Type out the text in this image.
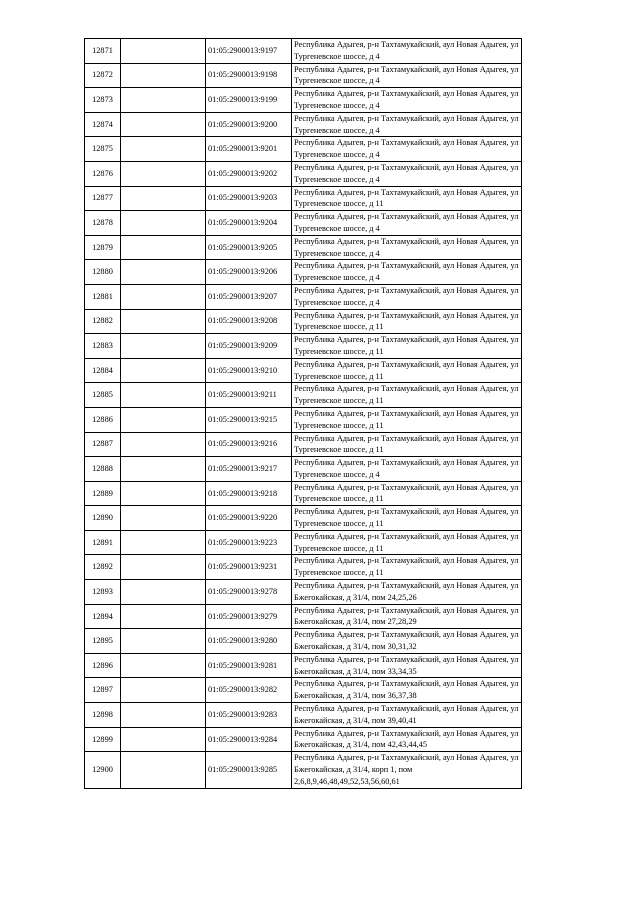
12871		01:05:2900013:9197	Республика Адыгея, р-н Тахтамукайский, аул Новая Адыгея, ул Тургеневское шоссе, д 4
12872		01:05:2900013:9198	Республика Адыгея, р-н Тахтамукайский, аул Новая Адыгея, ул Тургеневское шоссе, д 4
12873		01:05:2900013:9199	Республика Адыгея, р-н Тахтамукайский, аул Новая Адыгея, ул Тургеневское шоссе, д 4
12874		01:05:2900013:9200	Республика Адыгея, р-н Тахтамукайский, аул Новая Адыгея, ул Тургеневское шоссе, д 4
12875		01:05:2900013:9201	Республика Адыгея, р-н Тахтамукайский, аул Новая Адыгея, ул Тургеневское шоссе, д 4
12876		01:05:2900013:9202	Республика Адыгея, р-н Тахтамукайский, аул Новая Адыгея, ул Тургеневское шоссе, д 4
12877		01:05:2900013:9203	Республика Адыгея, р-н Тахтамукайский, аул Новая Адыгея, ул Тургеневское шоссе, д 11
12878		01:05:2900013:9204	Республика Адыгея, р-н Тахтамукайский, аул Новая Адыгея, ул Тургеневское шоссе, д 4
12879		01:05:2900013:9205	Республика Адыгея, р-н Тахтамукайский, аул Новая Адыгея, ул Тургеневское шоссе, д 4
12880		01:05:2900013:9206	Республика Адыгея, р-н Тахтамукайский, аул Новая Адыгея, ул Тургеневское шоссе, д 4
12881		01:05:2900013:9207	Республика Адыгея, р-н Тахтамукайский, аул Новая Адыгея, ул Тургеневское шоссе, д 4
12882		01:05:2900013:9208	Республика Адыгея, р-н Тахтамукайский, аул Новая Адыгея, ул Тургеневское шоссе, д 11
12883		01:05:2900013:9209	Республика Адыгея, р-н Тахтамукайский, аул Новая Адыгея, ул Тургеневское шоссе, д 11
12884		01:05:2900013:9210	Республика Адыгея, р-н Тахтамукайский, аул Новая Адыгея, ул Тургеневское шоссе, д 11
12885		01:05:2900013:9211	Республика Адыгея, р-н Тахтамукайский, аул Новая Адыгея, ул Тургеневское шоссе, д 11
12886		01:05:2900013:9215	Республика Адыгея, р-н Тахтамукайский, аул Новая Адыгея, ул Тургеневское шоссе, д 11
12887		01:05:2900013:9216	Республика Адыгея, р-н Тахтамукайский, аул Новая Адыгея, ул Тургеневское шоссе, д 11
12888		01:05:2900013:9217	Республика Адыгея, р-н Тахтамукайский, аул Новая Адыгея, ул Тургеневское шоссе, д 4
12889		01:05:2900013:9218	Республика Адыгея, р-н Тахтамукайский, аул Новая Адыгея, ул Тургеневское шоссе, д 11
12890		01:05:2900013:9220	Республика Адыгея, р-н Тахтамукайский, аул Новая Адыгея, ул Тургеневское шоссе, д 11
12891		01:05:2900013:9223	Республика Адыгея, р-н Тахтамукайский, аул Новая Адыгея, ул Тургеневское шоссе, д 11
12892		01:05:2900013:9231	Республика Адыгея, р-н Тахтамукайский, аул Новая Адыгея, ул Тургеневское шоссе, д 11
12893		01:05:2900013:9278	Республика Адыгея, р-н Тахтамукайский, аул Новая Адыгея, ул Бжегокайская, д 31/4, пом 24,25,26
12894		01:05:2900013:9279	Республика Адыгея, р-н Тахтамукайский, аул Новая Адыгея, ул Бжегокайская, д 31/4, пом 27,28,29
12895		01:05:2900013:9280	Республика Адыгея, р-н Тахтамукайский, аул Новая Адыгея, ул Бжегокайская, д 31/4, пом 30,31,32
12896		01:05:2900013:9281	Республика Адыгея, р-н Тахтамукайский, аул Новая Адыгея, ул Бжегокайская, д 31/4, пом 33,34,35
12897		01:05:2900013:9282	Республика Адыгея, р-н Тахтамукайский, аул Новая Адыгея, ул Бжегокайская, д 31/4, пом 36,37,38
12898		01:05:2900013:9283	Республика Адыгея, р-н Тахтамукайский, аул Новая Адыгея, ул Бжегокайская, д 31/4, пом 39,40,41
12899		01:05:2900013:9284	Республика Адыгея, р-н Тахтамукайский, аул Новая Адыгея, ул Бжегокайская, д 31/4, пом 42,43,44,45
12900		01:05:2900013:9285	Республика Адыгея, р-н Тахтамукайский, аул Новая Адыгея, ул Бжегокайская, д 31/4, корп 1, пом 2,6,8,9,46,48,49,52,53,56,60,61
